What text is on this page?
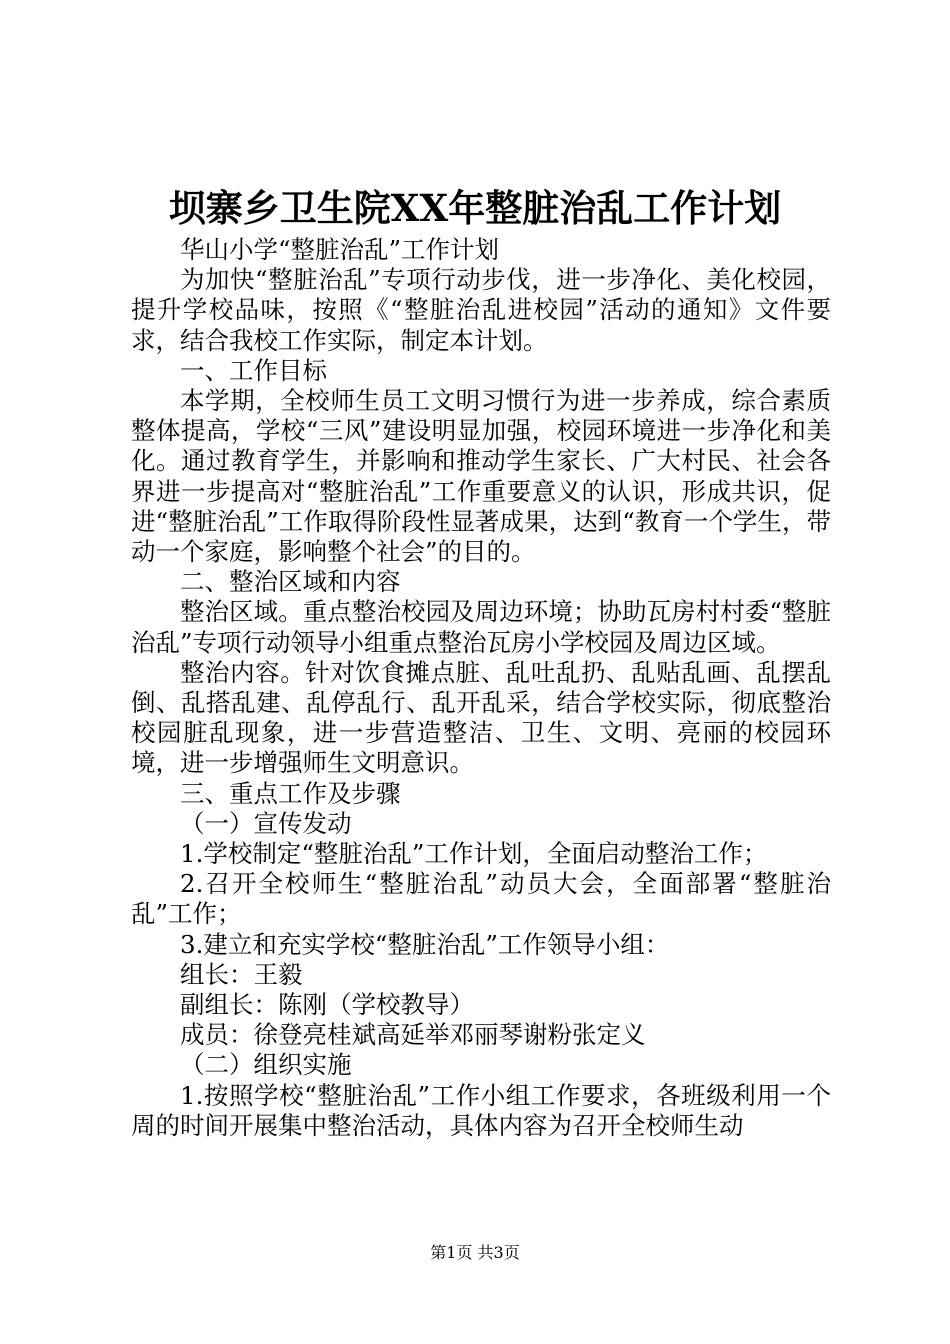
坝寨乡卫生院XX年整脏治乱工作计划

华山小学“整脏治乱”工作计划

为加快“整脏治乱”专项行动步伐，进一步净化、美化校园，提升学校品味，按照《“整脏治乱进校园”活动的通知》文件要求，结合我校工作实际，制定本计划。

一、工作目标

本学期，全校师生员工文明习惯行为进一步养成，综合素质整体提高，学校“三风”建设明显加强，校园环境进一步净化和美化。通过教育学生，并影响和推动学生家长、广大村民、社会各界进一步提高对“整脏治乱”工作重要意义的认识，形成共识，促进“整脏治乱”工作取得阶段性显著成果，达到“教育一个学生，带动一个家庭，影响整个社会”的目的。

二、整治区域和内容

整治区域。重点整治校园及周边环境；协助瓦房村村委“整脏治乱”专项行动领导小组重点整治瓦房小学校园及周边区域。

整治内容。针对饮食摊点脏、乱吐乱扔、乱贴乱画、乱摆乱倒、乱搭乱建、乱停乱行、乱开乱采，结合学校实际，彻底整治校园脏乱现象，进一步营造整洁、卫生、文明、亮丽的校园环境，进一步增强师生文明意识。

三、重点工作及步骤

（一）宣传发动

1.学校制定“整脏治乱”工作计划，全面启动整治工作；

2.召开全校师生“整脏治乱”动员大会，全面部署“整脏治乱”工作；

3.建立和充实学校“整脏治乱”工作领导小组：

组长：王毅

副组长：陈刚（学校教导）

成员：徐登亮桂斌高延举邓丽琴谢粉张定义

（二）组织实施

1.按照学校“整脏治乱”工作小组工作要求，各班级利用一个周的时间开展集中整治活动，具体内容为召开全校师生动

第1页 共3页
